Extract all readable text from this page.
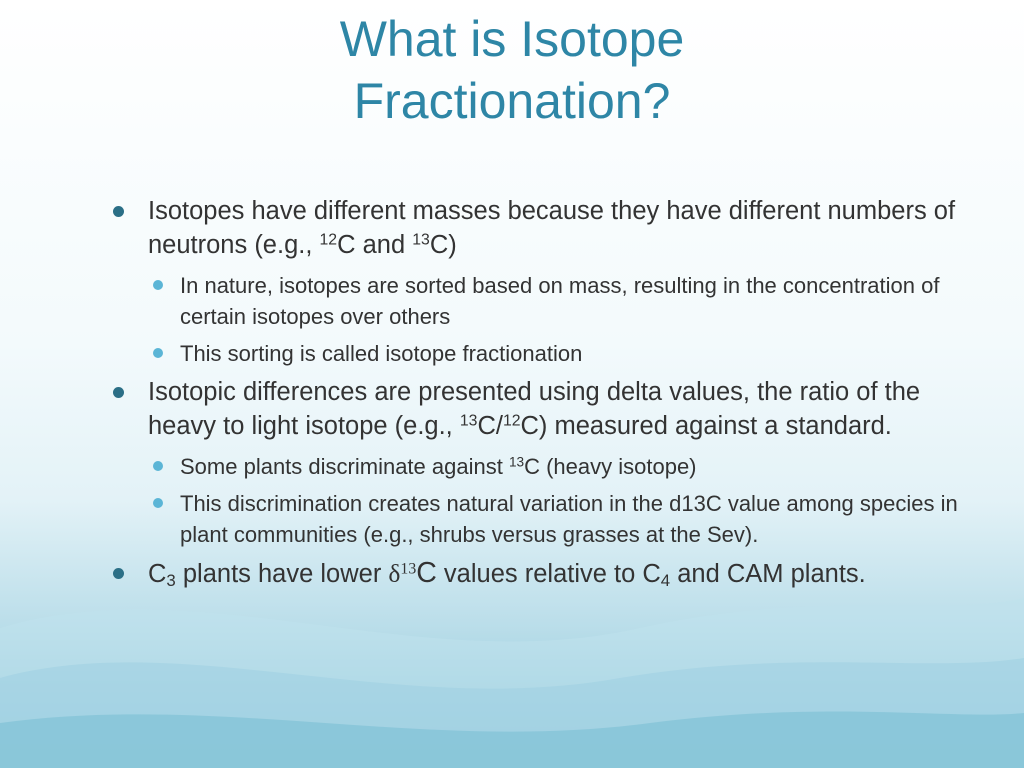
What is Isotope
Fractionation?
Isotopes have different masses because they have different numbers of neutrons (e.g., $^{12}$C and $^{13}$C)
In nature, isotopes are sorted based on mass, resulting in the concentration of certain isotopes over others
This sorting is called isotope fractionation
Isotopic differences are presented using delta values, the ratio of the heavy to light isotope (e.g., $^{13}$C/$^{12}$C) measured against a standard.
Some plants discriminate against $^{13}$C (heavy isotope)
This discrimination creates natural variation in the d13C value among species in plant communities (e.g., shrubs versus grasses at the Sev).
$C_3$ plants have lower $\delta^{13}C$ values relative to $C_4$ and CAM plants.
